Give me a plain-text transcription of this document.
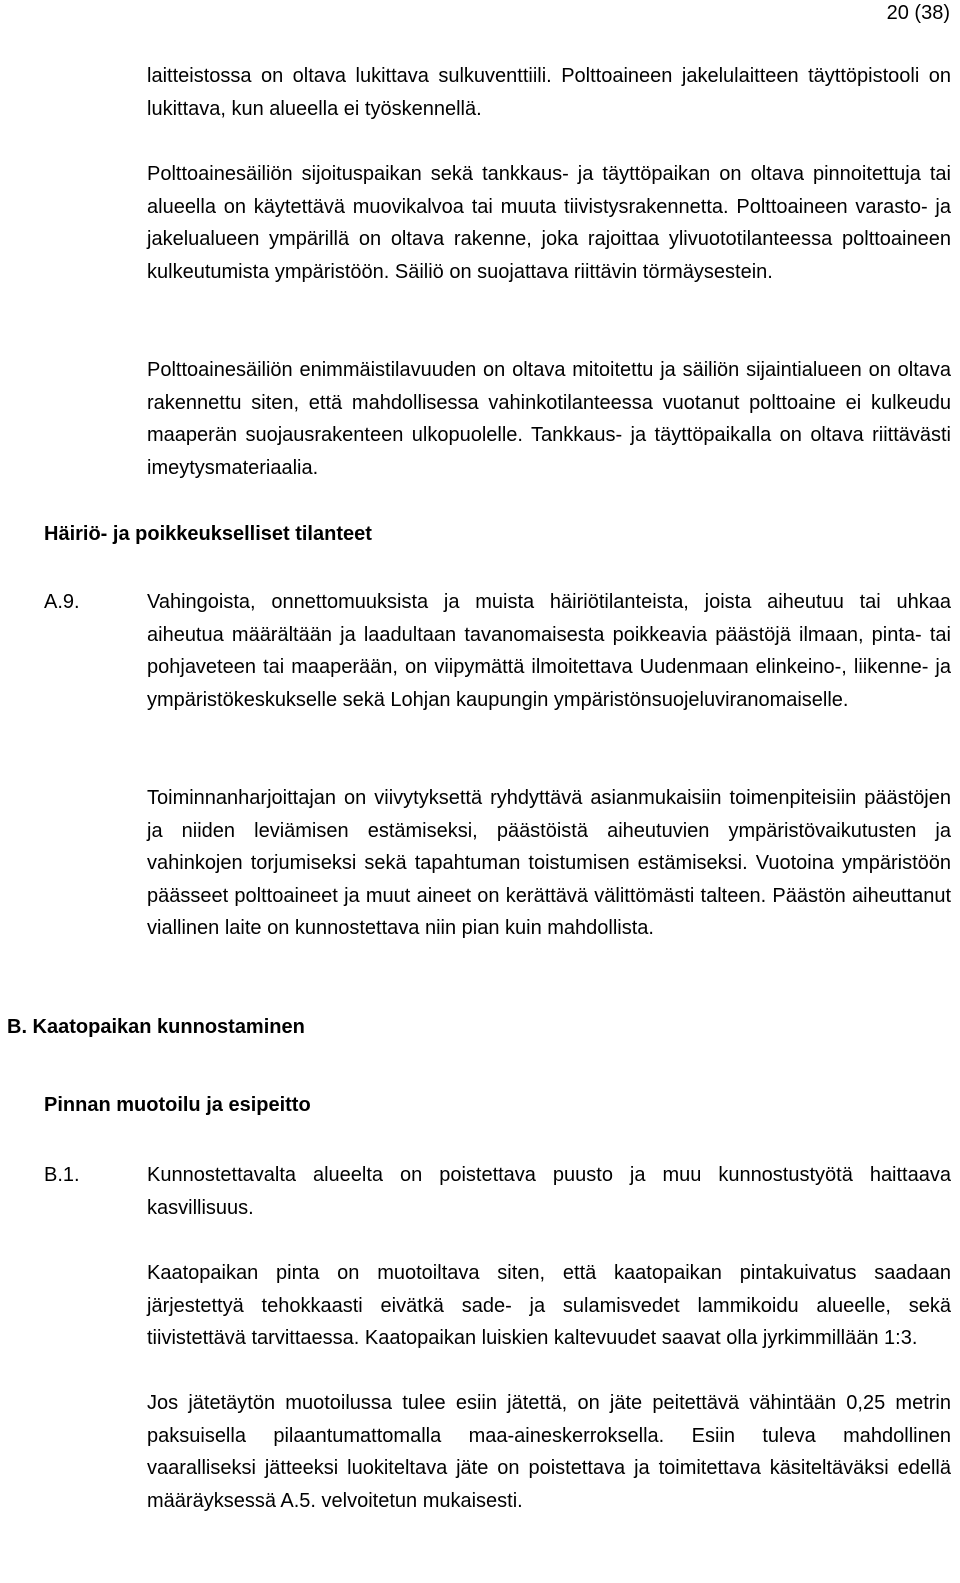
20 (38)

laitteistossa on oltava lukittava sulkuventtiili. Polttoaineen jakelulaitteen täyttöpistooli on lukittava, kun alueella ei työskennellä.

Polttoainesäiliön sijoituspaikan sekä tankkaus- ja täyttöpaikan on oltava pinnoitettuja tai alueella on käytettävä muovikalvoa tai muuta tiivistysrakennetta. Polttoaineen varasto- ja jakelualueen ympärillä on oltava rakenne, joka rajoittaa ylivuototilanteessa polttoaineen kulkeutumista ympäristöön. Säiliö on suojattava riittävin törmäysestein.

Polttoainesäiliön enimmäistilavuuden on oltava mitoitettu ja säiliön sijaintialueen on oltava rakennettu siten, että mahdollisessa vahinkotilanteessa vuotanut polttoaine ei kulkeudu maaperän suojausrakenteen ulkopuolelle. Tankkaus- ja täyttöpaikalla on oltava riittävästi imeytysmateriaalia.

Häiriö- ja poikkeukselliset tilanteet

A.9.	Vahingoista, onnettomuuksista ja muista häiriötilanteista, joista aiheutuu tai uhkaa aiheutua määrältään ja laadultaan tavanomaisesta poikkeavia päästöjä ilmaan, pinta- tai pohjaveteen tai maaperään, on viipymättä ilmoitettava Uudenmaan elinkeino-, liikenne- ja ympäristökeskukselle sekä Lohjan kaupungin ympäristönsuojeluviranomaiselle.

Toiminnanharjoittajan on viivytyksettä ryhdyttävä asianmukaisiin toimenpiteisiin päästöjen ja niiden leviämisen estämiseksi, päästöistä aiheutuvien ympäristövaikutusten ja vahinkojen torjumiseksi sekä tapahtuman toistumisen estämiseksi. Vuotoina ympäristöön päässeet polttoaineet ja muut aineet on kerättävä välittömästi talteen. Päästön aiheuttanut viallinen laite on kunnostettava niin pian kuin mahdollista.

B. Kaatopaikan kunnostaminen
Pinnan muotoilu ja esipeitto

B.1.	Kunnostettavalta alueelta on poistettava puusto ja muu kunnostustyötä haittaava kasvillisuus.

Kaatopaikan pinta on muotoiltava siten, että kaatopaikan pintakuivatus saadaan järjestettyä tehokkaasti eivätkä sade- ja sulamisvedet lammikoidu alueelle, sekä tiivistettävä tarvittaessa. Kaatopaikan luiskien kaltevuudet saavat olla jyrkimmillään 1:3.

Jos jätetäytön muotoilussa tulee esiin jätettä, on jäte peitettävä vähintään 0,25 metrin paksuisella pilaantumattomalla maa-aineskerroksella. Esiin tuleva mahdollinen vaaralliseksi jätteeksi luokiteltava jäte on poistettava ja toimitettava käsiteltäväksi edellä määräyksessä A.5. velvoitetun mukaisesti.
